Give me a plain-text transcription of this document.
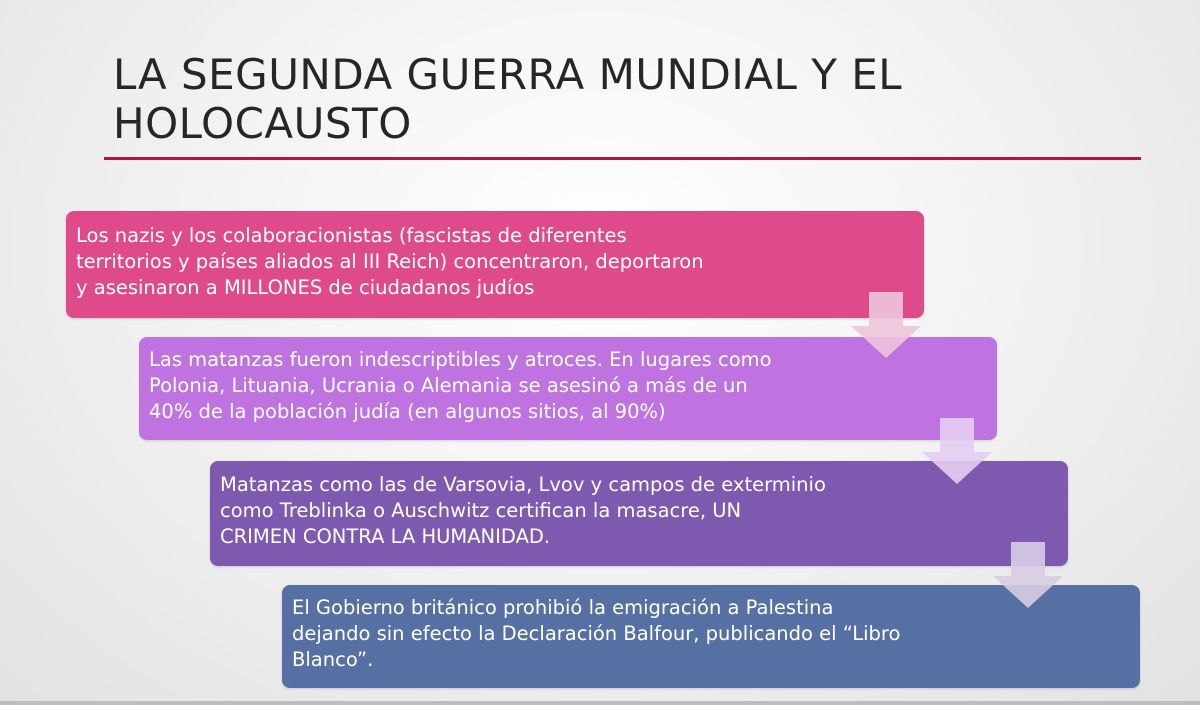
LA SEGUNDA GUERRA MUNDIAL Y EL
HOLOCAUSTO
Los nazis y los colaboracionistas (fascistas de diferentes
territorios y países aliados al III Reich) concentraron, deportaron
y asesinaron a MILLONES de ciudadanos judíos
Las matanzas fueron indescriptibles y atroces. En lugares como
Polonia, Lituania, Ucrania o Alemania se asesinó a más de un
40% de la población judía (en algunos sitios, al 90%)
Matanzas como las de Varsovia, Lvov y campos de exterminio
como Treblinka o Auschwitz certifican la masacre, UN
CRIMEN CONTRA LA HUMANIDAD.
El Gobierno británico prohibió la emigración a Palestina
dejando sin efecto la Declaración Balfour, publicando el “Libro
Blanco”.
